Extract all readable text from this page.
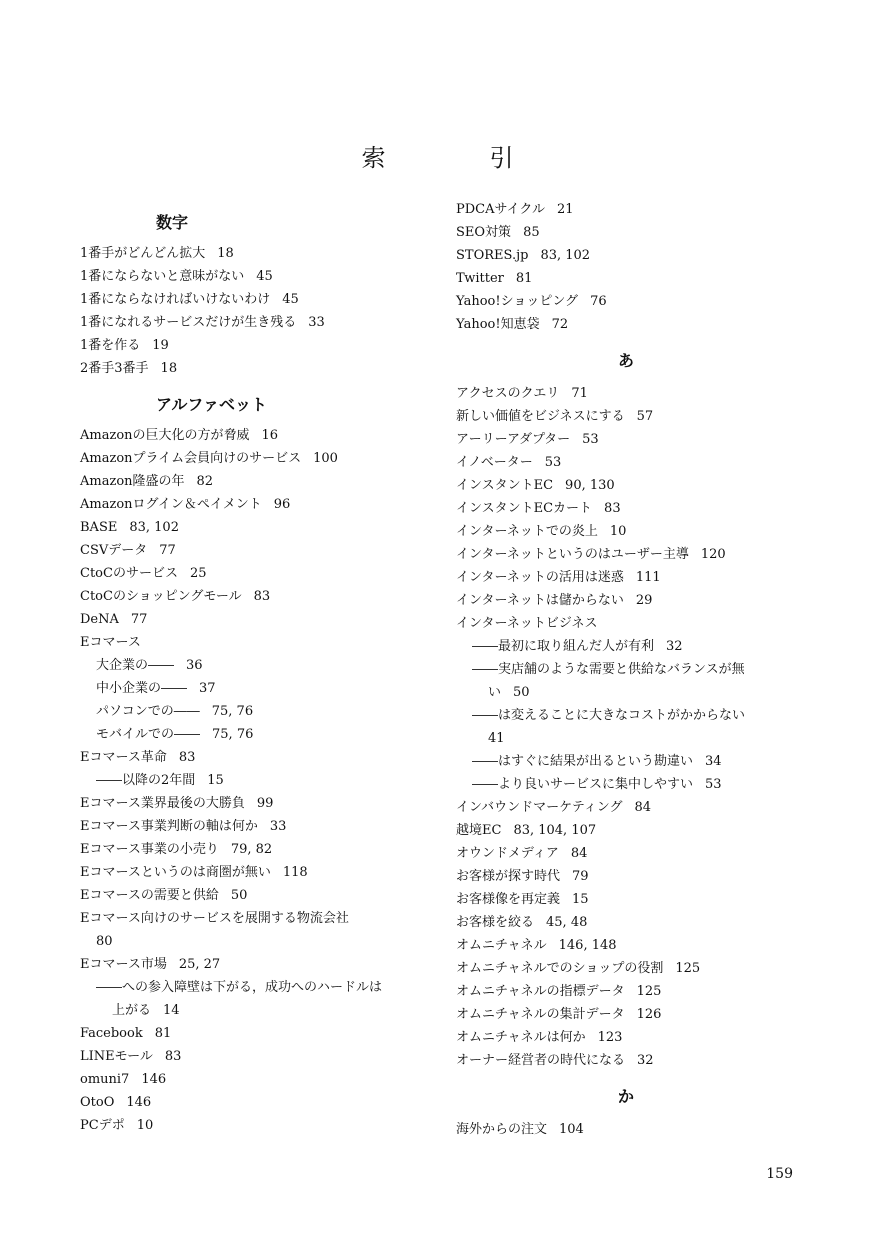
索　引
数字
1番手がどんどん拡大 18
1番にならないと意味がない 45
1番にならなければいけないわけ 45
1番になれるサービスだけが生き残る 33
1番を作る 19
2番手3番手 18
アルファベット
Amazonの巨大化の方が脅威 16
Amazonプライム会員向けのサービス 100
Amazon隆盛の年 82
Amazonログイン＆ペイメント 96
BASE 83, 102
CSVデータ 77
CtoCのサービス 25
CtoCのショッピングモール 83
DeNA 77
Eコマース
大企業の―― 36
中小企業の―― 37
パソコンでの―― 75, 76
モバイルでの―― 75, 76
Eコマース革命 83
――以降の2年間 15
Eコマース業界最後の大勝負 99
Eコマース事業判断の軸は何か 33
Eコマース事業の小売り 79, 82
Eコマースというのは商圏が無い 118
Eコマースの需要と供給 50
Eコマース向けのサービスを展開する物流会社
80
Eコマース市場 25, 27
――への参入障壁は下がる，成功へのハードルは
上がる 14
Facebook 81
LINEモール 83
omuni7 146
OtoO 146
PCデポ 10
PDCAサイクル 21
SEO対策 85
STORES.jp 83, 102
Twitter 81
Yahoo!ショッピング 76
Yahoo!知恵袋 72
あ
アクセスのクエリ 71
新しい価値をビジネスにする 57
アーリーアダプター 53
イノベーター 53
インスタントEC 90, 130
インスタントECカート 83
インターネットでの炎上 10
インターネットというのはユーザー主導 120
インターネットの活用は迷惑 111
インターネットは儲からない 29
インターネットビジネス
――最初に取り組んだ人が有利 32
――実店舗のような需要と供給なバランスが無
い 50
――は変えることに大きなコストがかからない
41
――はすぐに結果が出るという勘違い 34
――より良いサービスに集中しやすい 53
インバウンドマーケティング 84
越境EC 83, 104, 107
オウンドメディア 84
お客様が探す時代 79
お客様像を再定義 15
お客様を絞る 45, 48
オムニチャネル 146, 148
オムニチャネルでのショップの役割 125
オムニチャネルの指標データ 125
オムニチャネルの集計データ 126
オムニチャネルは何か 123
オーナー経営者の時代になる 32
か
海外からの注文 104
159
